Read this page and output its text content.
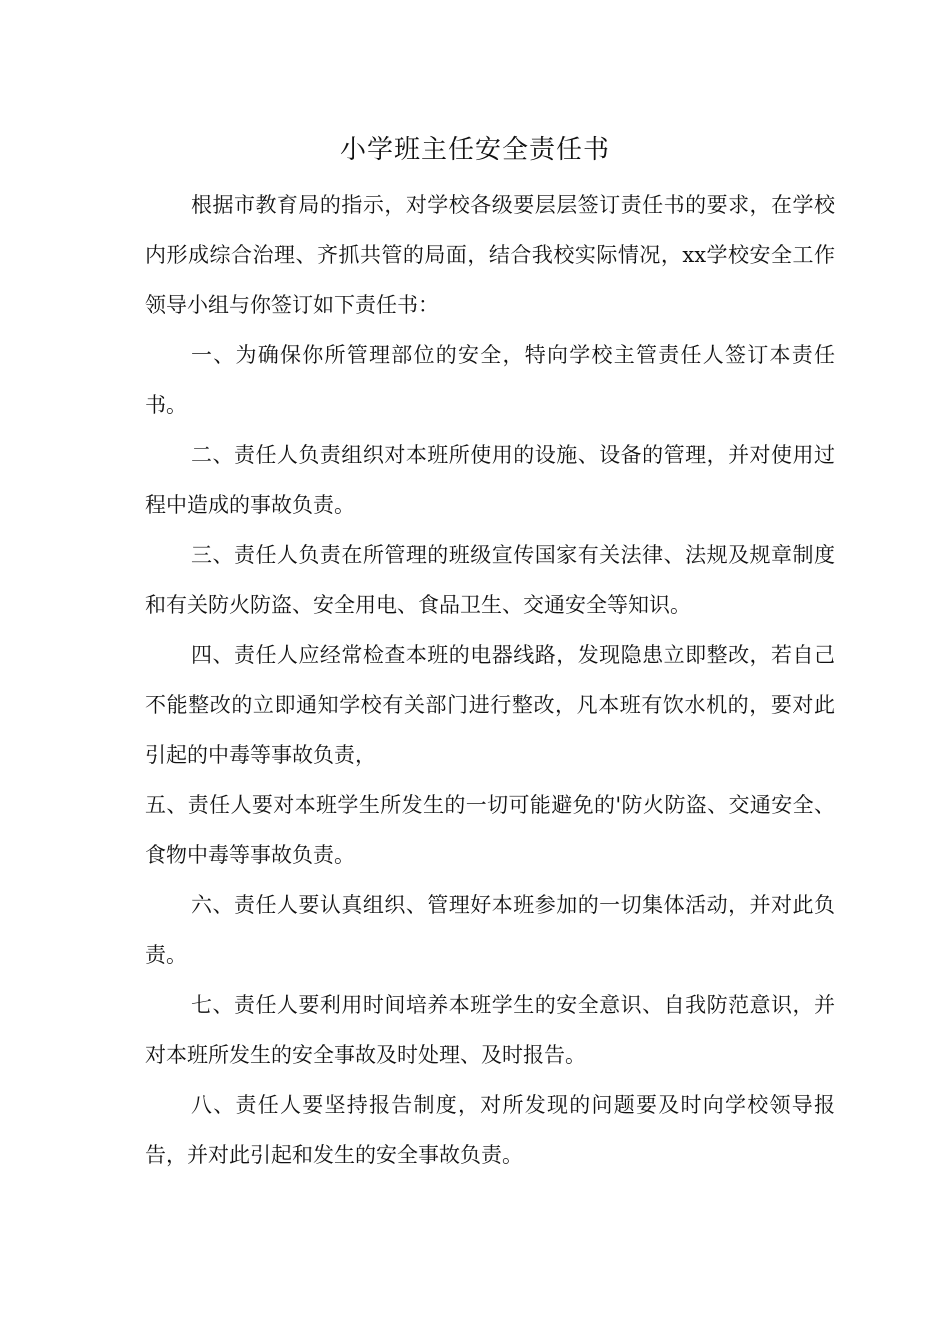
小学班主任安全责任书

根据市教育局的指示，对学校各级要层层签订责任书的要求，在学校内形成综合治理、齐抓共管的局面，结合我校实际情况，xx学校安全工作领导小组与你签订如下责任书：

一、为确保你所管理部位的安全，特向学校主管责任人签订本责任书。

二、责任人负责组织对本班所使用的设施、设备的管理，并对使用过程中造成的事故负责。

三、责任人负责在所管理的班级宣传国家有关法律、法规及规章制度和有关防火防盗、安全用电、食品卫生、交通安全等知识。

四、责任人应经常检查本班的电器线路，发现隐患立即整改，若自己不能整改的立即通知学校有关部门进行整改，凡本班有饮水机的，要对此引起的中毒等事故负责，

五、责任人要对本班学生所发生的一切可能避免的'防火防盗、交通安全、食物中毒等事故负责。

六、责任人要认真组织、管理好本班参加的一切集体活动，并对此负责。

七、责任人要利用时间培养本班学生的安全意识、自我防范意识，并对本班所发生的安全事故及时处理、及时报告。

八、责任人要坚持报告制度，对所发现的问题要及时向学校领导报告，并对此引起和发生的安全事故负责。
